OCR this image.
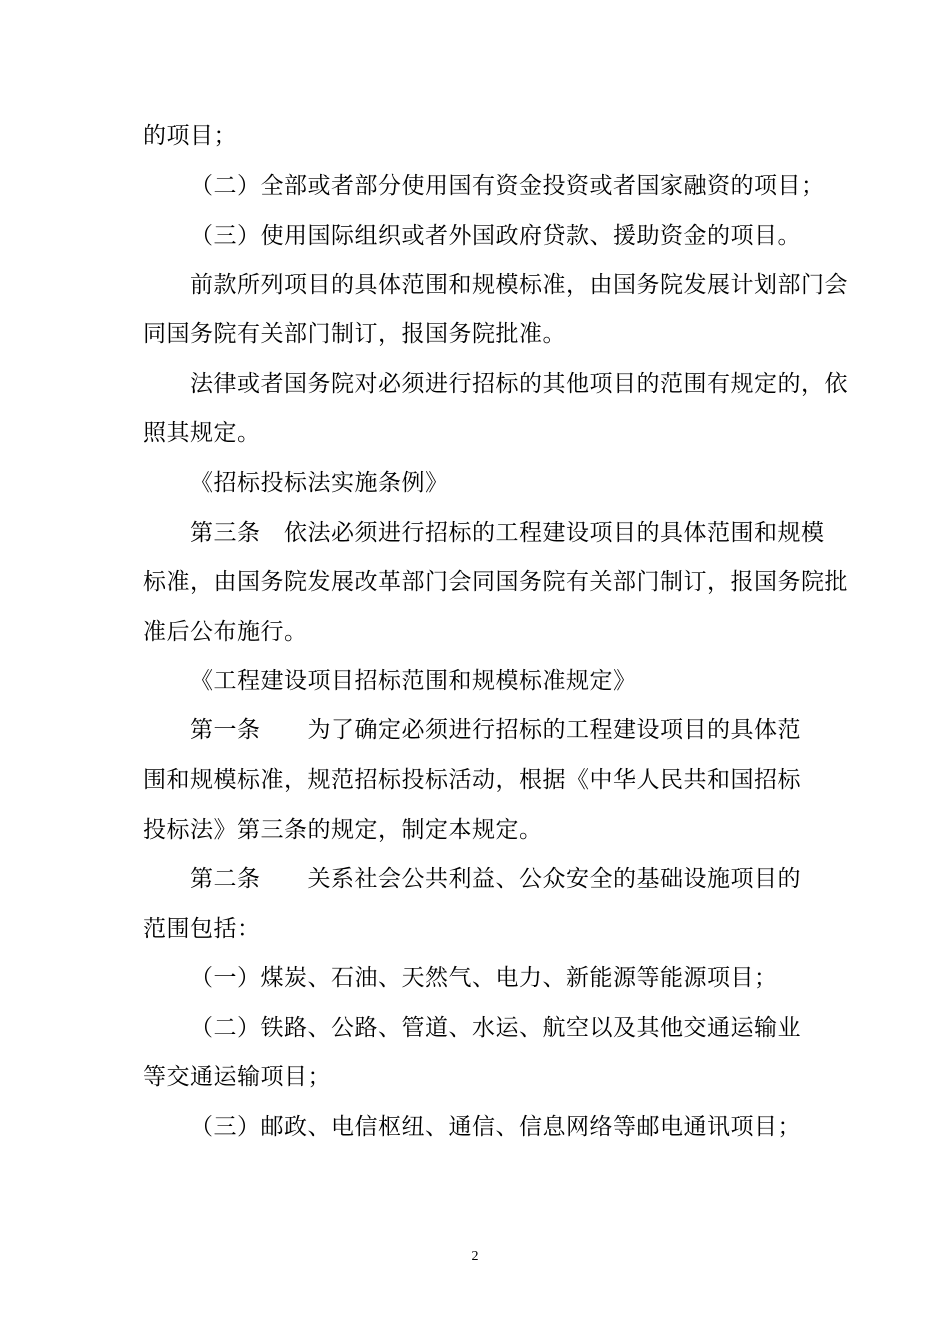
的项目；
（二）全部或者部分使用国有资金投资或者国家融资的项目；
（三）使用国际组织或者外国政府贷款、援助资金的项目。
前款所列项目的具体范围和规模标准，由国务院发展计划部门会
同国务院有关部门制订，报国务院批准。
法律或者国务院对必须进行招标的其他项目的范围有规定的，依
照其规定。
《招标投标法实施条例》
第三条　依法必须进行招标的工程建设项目的具体范围和规模
标准，由国务院发展改革部门会同国务院有关部门制订，报国务院批
准后公布施行。
《工程建设项目招标范围和规模标准规定》
第一条　　为了确定必须进行招标的工程建设项目的具体范
围和规模标准，规范招标投标活动，根据《中华人民共和国招标
投标法》第三条的规定，制定本规定。
第二条　　关系社会公共利益、公众安全的基础设施项目的
范围包括：
（一）煤炭、石油、天然气、电力、新能源等能源项目；
（二）铁路、公路、管道、水运、航空以及其他交通运输业
等交通运输项目；
（三）邮政、电信枢纽、通信、信息网络等邮电通讯项目；
2
